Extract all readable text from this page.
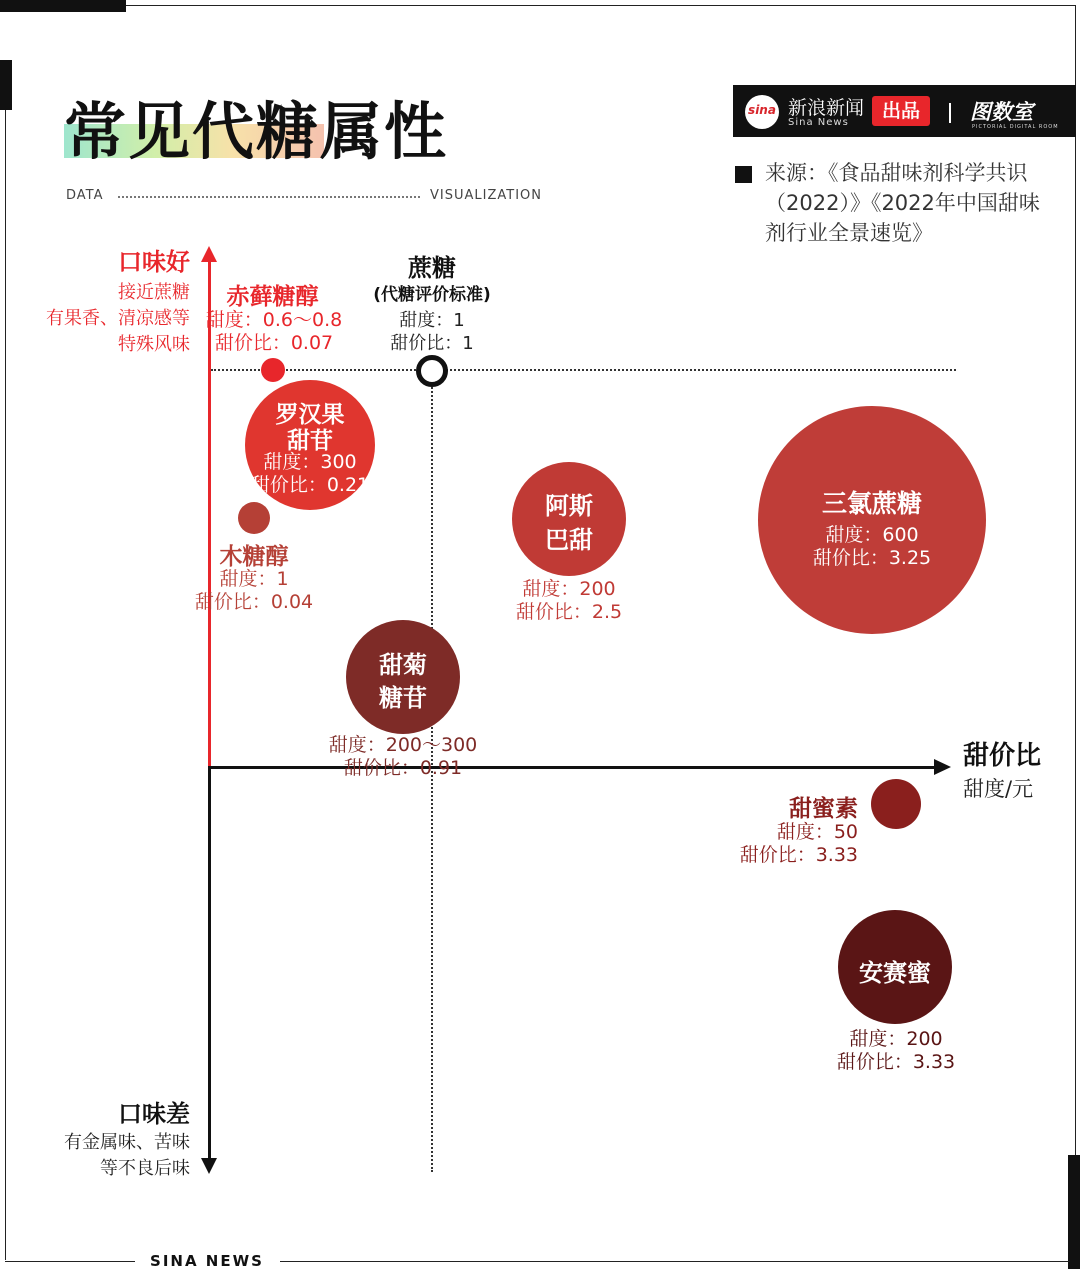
SINA NEWS
常见代糖属性
DATA	VISUALIZATION
sina 新浪新闻
Sina News
出品	图数室
PICTORIAL DIGITAL ROOM
来源：《食品甜味剂科学共识（2022）》《2022年中国甜味剂行业全景速览》
口味好
接近蔗糖
有果香、清凉感等
特殊风味
口味差
有金属味、苦味
等不良后味
甜价比
甜度/元
蔗糖
(代糖评价标准)
甜度：1
甜价比：1
赤藓糖醇
甜度：0.6～0.8
甜价比：0.07
罗汉果
甜苷
甜度：300
甜价比：0.21
木糖醇
甜度：1
甜价比：0.04
阿斯
巴甜
甜度：200
甜价比：2.5
三氯蔗糖
甜度：600
甜价比：3.25
甜菊
糖苷
甜度：200～300
甜价比：0.91
甜蜜素
甜度：50
甜价比：3.33
安赛蜜
甜度：200
甜价比：3.33
